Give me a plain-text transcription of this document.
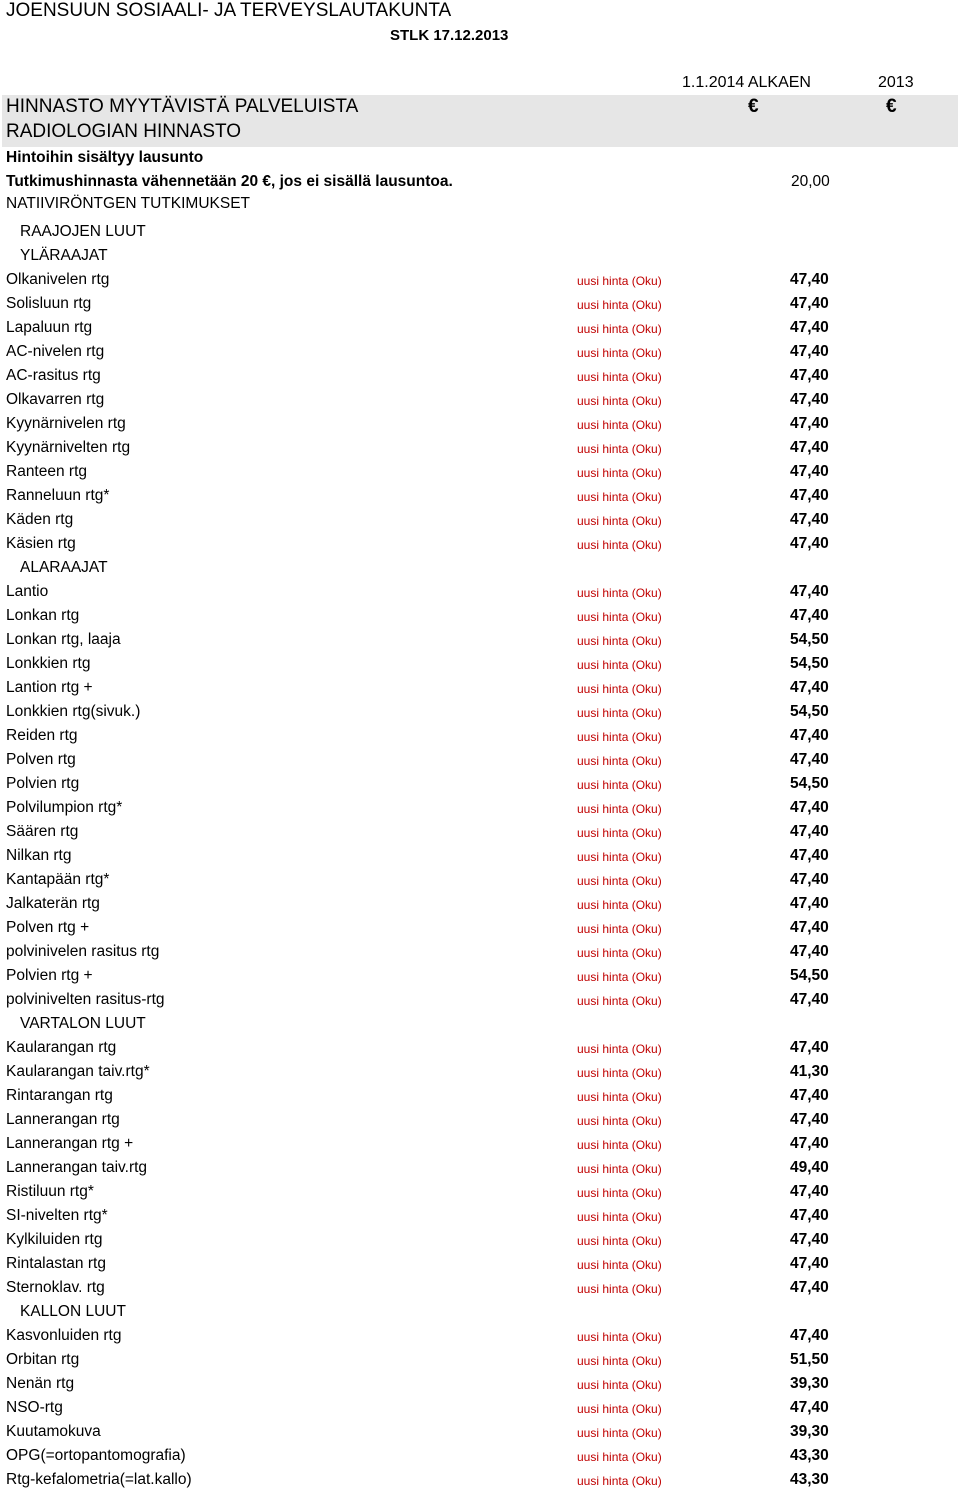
JOENSUUN SOSIAALI- JA TERVEYSLAUTAKUNTA
STLK 17.12.2013
1.1.2014 ALKAEN	2013
HINNASTO MYYTÄVISTÄ PALVELUISTA
RADIOLOGIAN HINNASTO
€	€
Hintoihin sisältyy lausunto
Tutkimushinnasta vähennetään 20 €, jos ei sisällä lausuntoa.	20,00
NATIIVIRÖNTGEN TUTKIMUKSET
RAAJOJEN LUUT
YLÄRAAJAT
Olkanivelen rtg	uusi hinta (Oku)	47,40
Solisluun rtg	uusi hinta (Oku)	47,40
Lapaluun rtg	uusi hinta (Oku)	47,40
AC-nivelen rtg	uusi hinta (Oku)	47,40
AC-rasitus rtg	uusi hinta (Oku)	47,40
Olkavarren rtg	uusi hinta (Oku)	47,40
Kyynärnivelen rtg	uusi hinta (Oku)	47,40
Kyynärnivelten rtg	uusi hinta (Oku)	47,40
Ranteen rtg	uusi hinta (Oku)	47,40
Ranneluun rtg*	uusi hinta (Oku)	47,40
Käden rtg	uusi hinta (Oku)	47,40
Käsien rtg	uusi hinta (Oku)	47,40
ALARAAJAT
Lantio	uusi hinta (Oku)	47,40
Lonkan rtg	uusi hinta (Oku)	47,40
Lonkan rtg, laaja	uusi hinta (Oku)	54,50
Lonkkien rtg	uusi hinta (Oku)	54,50
Lantion rtg +	uusi hinta (Oku)	47,40
Lonkkien rtg(sivuk.)	uusi hinta (Oku)	54,50
Reiden rtg	uusi hinta (Oku)	47,40
Polven rtg	uusi hinta (Oku)	47,40
Polvien rtg	uusi hinta (Oku)	54,50
Polvilumpion rtg*	uusi hinta (Oku)	47,40
Säären rtg	uusi hinta (Oku)	47,40
Nilkan rtg	uusi hinta (Oku)	47,40
Kantapään rtg*	uusi hinta (Oku)	47,40
Jalkaterän rtg	uusi hinta (Oku)	47,40
Polven rtg +	uusi hinta (Oku)	47,40
polvinivelen rasitus rtg	uusi hinta (Oku)	47,40
Polvien rtg +	uusi hinta (Oku)	54,50
polvinivelten rasitus-rtg	uusi hinta (Oku)	47,40
VARTALON LUUT
Kaularangan rtg	uusi hinta (Oku)	47,40
Kaularangan taiv.rtg*	uusi hinta (Oku)	41,30
Rintarangan rtg	uusi hinta (Oku)	47,40
Lannerangan rtg	uusi hinta (Oku)	47,40
Lannerangan rtg +	uusi hinta (Oku)	47,40
Lannerangan taiv.rtg	uusi hinta (Oku)	49,40
Ristiluun rtg*	uusi hinta (Oku)	47,40
SI-nivelten rtg*	uusi hinta (Oku)	47,40
Kylkiluiden rtg	uusi hinta (Oku)	47,40
Rintalastan rtg	uusi hinta (Oku)	47,40
Sternoklav. rtg	uusi hinta (Oku)	47,40
KALLON LUUT
Kasvonluiden rtg	uusi hinta (Oku)	47,40
Orbitan rtg	uusi hinta (Oku)	51,50
Nenän rtg	uusi hinta (Oku)	39,30
NSO-rtg	uusi hinta (Oku)	47,40
Kuutamokuva	uusi hinta (Oku)	39,30
OPG(=ortopantomografia)	uusi hinta (Oku)	43,30
Rtg-kefalometria(=lat.kallo)	uusi hinta (Oku)	43,30
